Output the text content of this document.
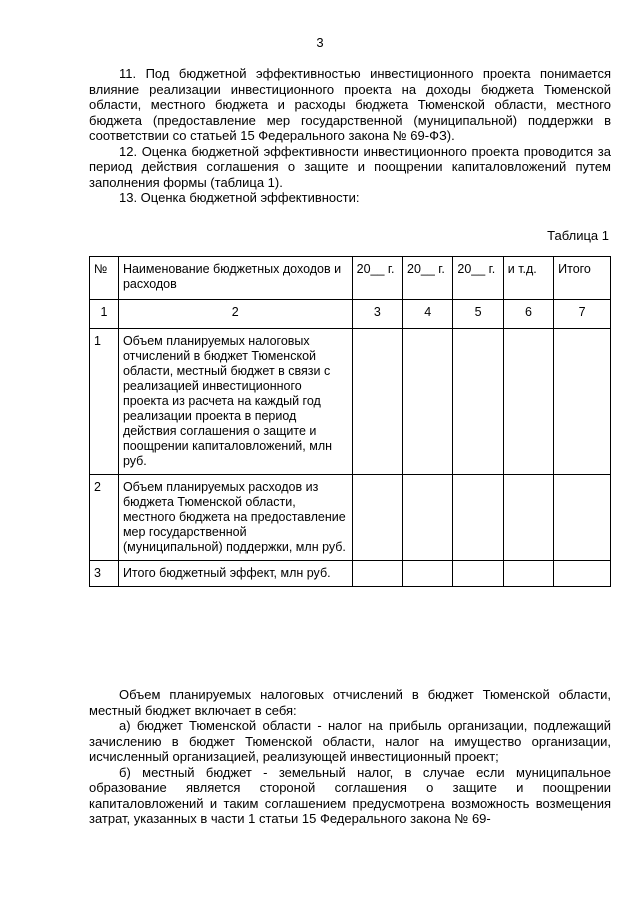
3

11. Под бюджетной эффективностью инвестиционного проекта понимается влияние реализации инвестиционного проекта на доходы бюджета Тюменской области, местного бюджета и расходы бюджета Тюменской области, местного бюджета (предоставление мер государственной (муниципальной) поддержки в соответствии со статьей 15 Федерального закона № 69-ФЗ).

12. Оценка бюджетной эффективности инвестиционного проекта проводится за период действия соглашения о защите и поощрении капиталовложений путем заполнения формы (таблица 1).

13. Оценка бюджетной эффективности:

Таблица 1
№	Наименование бюджетных доходов и расходов	20__ г.	20__ г.	20__ г.	и т.д.	Итого
1	2	3	4	5	6	7
1	Объем планируемых налоговых отчислений в бюджет Тюменской области, местный бюджет в связи с реализацией инвестиционного проекта из расчета на каждый год реализации проекта в период действия соглашения о защите и поощрении капиталовложений, млн руб.					
2	Объем планируемых расходов из бюджета Тюменской области, местного бюджета на предоставление мер государственной (муниципальной) поддержки, млн руб.					
3	Итого бюджетный эффект, млн руб.					

Объем планируемых налоговых отчислений в бюджет Тюменской области, местный бюджет включает в себя:

а) бюджет Тюменской области - налог на прибыль организации, подлежащий зачислению в бюджет Тюменской области, налог на имущество организации, исчисленный организацией, реализующей инвестиционный проект;

б) местный бюджет - земельный налог, в случае если муниципальное образование является стороной соглашения о защите и поощрении капиталовложений и таким соглашением предусмотрена возможность возмещения затрат, указанных в части 1 статьи 15 Федерального закона № 69-
